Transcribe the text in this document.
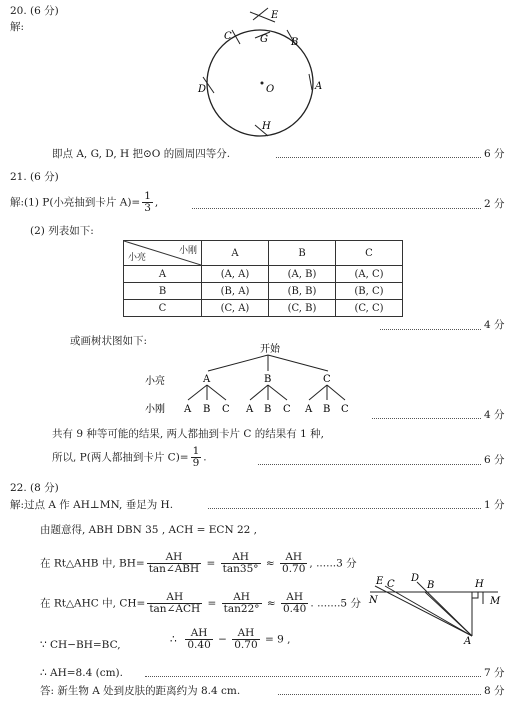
20. (6 分)
解:
E
C	G B
D	O	A
H
即点 A, G, D, H 把⊙O 的圆周四等分.	6 分
21. (6 分)
解:(1) P(小亮抽到卡片 $A)= \frac{1}{3}$ ,	2 分
(2) 列表如下:
小刚
小亮	A	B	C
A	(A, A)	(A, B)	(A, C)
B	(B, A)	(B, B)	(B, C)
C	(C, A)	(C, B)	(C, C)
4 分
或画树状图如下:
开始
小亮	A	B	C
小刚 A B C A B C A B C	4 分
共有 9 种等可能的结果, 两人都抽到卡片 C 的结果有 1 种,
所以, P(两人都抽到卡片 $C)= \frac{1}{9}$ .	6 分
22. (8 分)
解:过点 A 作 AH⊥MN, 垂足为 H.	1 分
由题意得, ABH DBN 35 , ACH = ECN 22 ,
在 Rt△AHB 中, $BH= \frac{AH}{\text{tan∠ABH}} = \frac{AH}{\tan 35^\circ} \approx \frac{AH}{0.70}$ , ......3 分
在 Rt△AHC 中, $CH= \frac{AH}{\text{tan∠ACH}} = \frac{AH}{\tan 22^\circ} \approx \frac{AH}{0.40}$ . .......5 分
∵ CH−BH=BC,	∴ $\frac{AH}{0.40} - \frac{AH}{0.70} = 9$ ,
∴ AH=8.4 (cm).	7 分
答: 新生物 A 处到皮肤的距离约为 8.4 cm.	8 分
E C
D
B	H
N	M
A
